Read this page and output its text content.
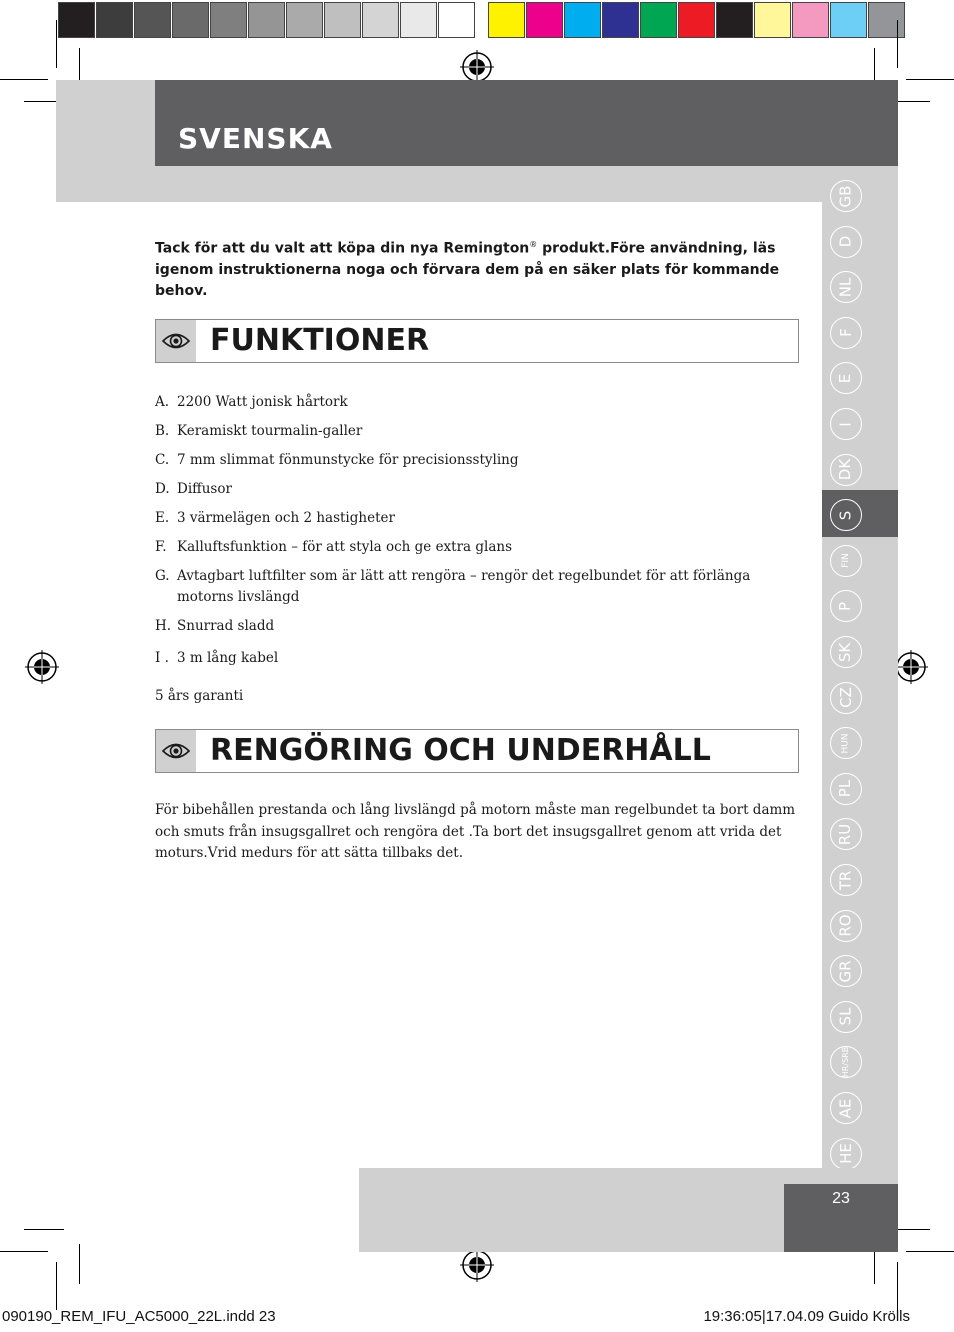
SVENSKA
GB
D
NL
F
E
I
DK
S
FIN
P
SK
CZ
HUN
PL
RU
TR
RO
GR
SL
HR/SRB
AE
HE
Tack för att du valt att köpa din nya Remington® produkt.Före användning, läs igenom instruktionerna noga och förvara dem på en säker plats för kommande behov.
FUNKTIONER
A. 2200 Watt jonisk hårtork
B. Keramiskt tourmalin-galler
C. 7 mm slimmat fönmunstycke för precisionsstyling
D. Diffusor
E. 3 värmelägen och 2 hastigheter
F. Kalluftsfunktion – för att styla och ge extra glans
G. Avtagbart luftfilter som är lätt att rengöra – rengör det regelbundet för att förlänga motorns livslängd
H. Snurrad sladd
I . 3 m lång kabel
5 års garanti
RENGÖRING OCH UNDERHÅLL
För bibehållen prestanda och lång livslängd på motorn måste man regelbundet ta bort damm och smuts från insugsgallret och rengöra det .Ta bort det insugsgallret genom att vrida det moturs.Vrid medurs för att sätta tillbaks det.
23
090190_REM_IFU_AC5000_22L.indd 23	19:36:05|17.04.09 Guido Krölls
